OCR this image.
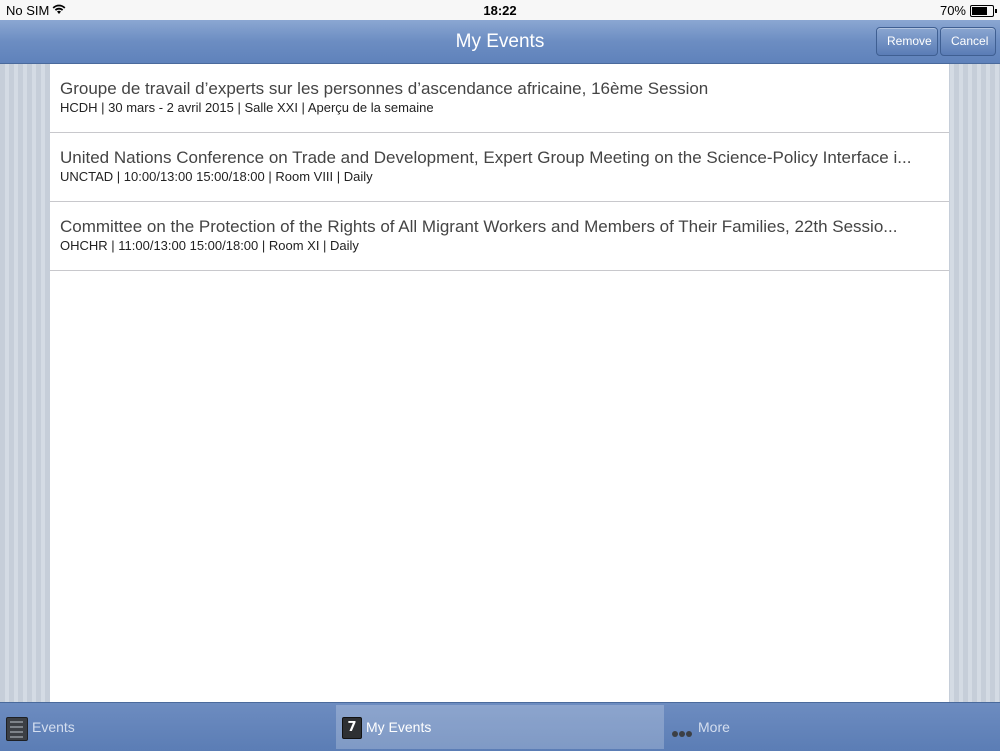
No SIM	18:22	70%
My Events	Remove	Cancel
Groupe de travail d’experts sur les personnes d’ascendance africaine, 16ème Session
HCDH | 30 mars - 2 avril 2015 | Salle XXI | Aperçu de la semaine
United Nations Conference on Trade and Development, Expert Group Meeting on the Science-Policy Interface i...
UNCTAD | 10:00/13:00 15:00/18:00 | Room VIII | Daily
Committee on the Protection of the Rights of All Migrant Workers and Members of Their Families, 22th Sessio...
OHCHR | 11:00/13:00 15:00/18:00 | Room XI | Daily
Events	7 My Events	More
